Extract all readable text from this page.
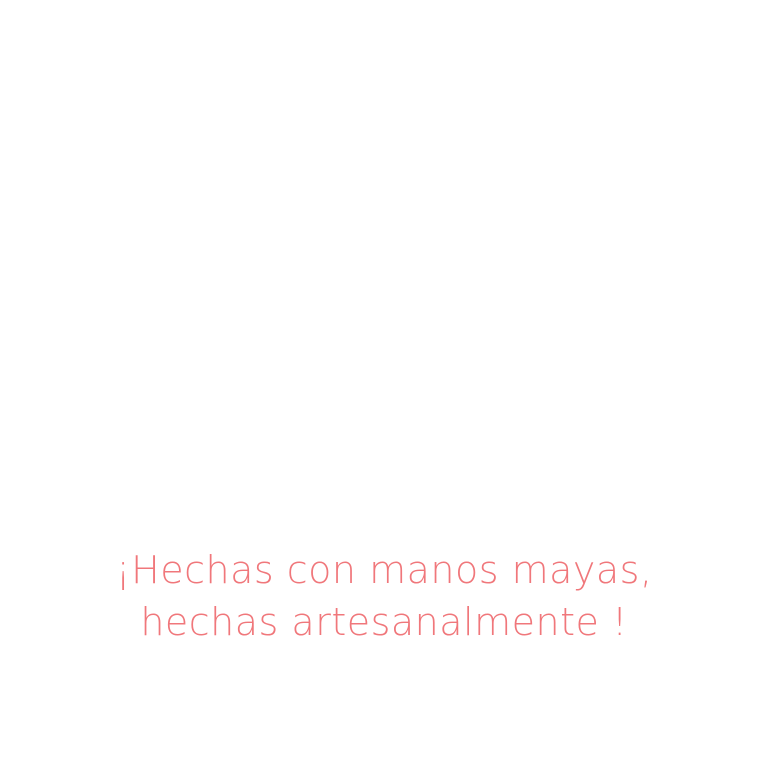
¡Hechas con manos mayas,
hechas artesanalmente !
